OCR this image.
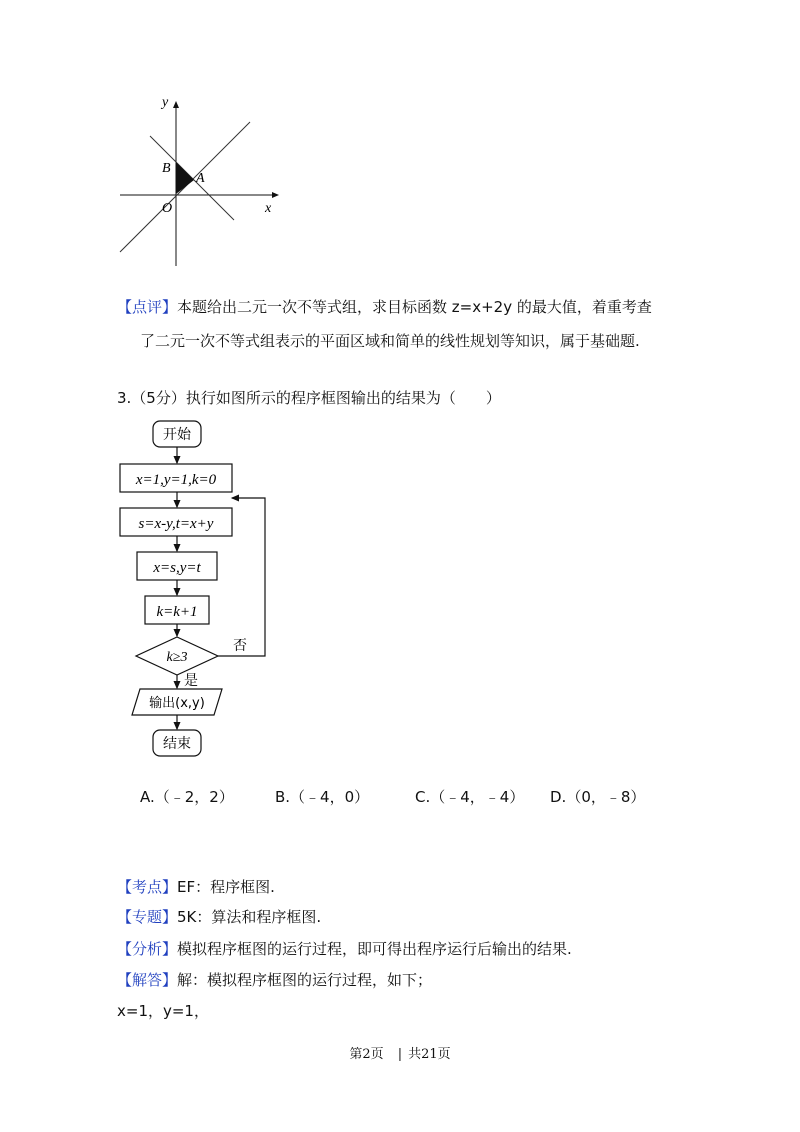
y
x
O
B
A
【点评】本题给出二元一次不等式组，求目标函数 z=x+2y 的最大值，着重考查
了二元一次不等式组表示的平面区域和简单的线性规划等知识，属于基础题.
3.（5分）执行如图所示的程序框图输出的结果为（　　）
开始
x=1,y=1,k=0
s=x-y,t=x+y
x=s,y=t
k=k+1
k≥3
否
是
输出(x,y)
结束
A.（﹣2，2）	B.（﹣4，0）	C.（﹣4，﹣4） D.（0，﹣8）
【考点】EF：程序框图.
【专题】5K：算法和程序框图.
【分析】模拟程序框图的运行过程，即可得出程序运行后输出的结果.
【解答】解：模拟程序框图的运行过程，如下；
x=1，y=1，
第2页 | 共21页
